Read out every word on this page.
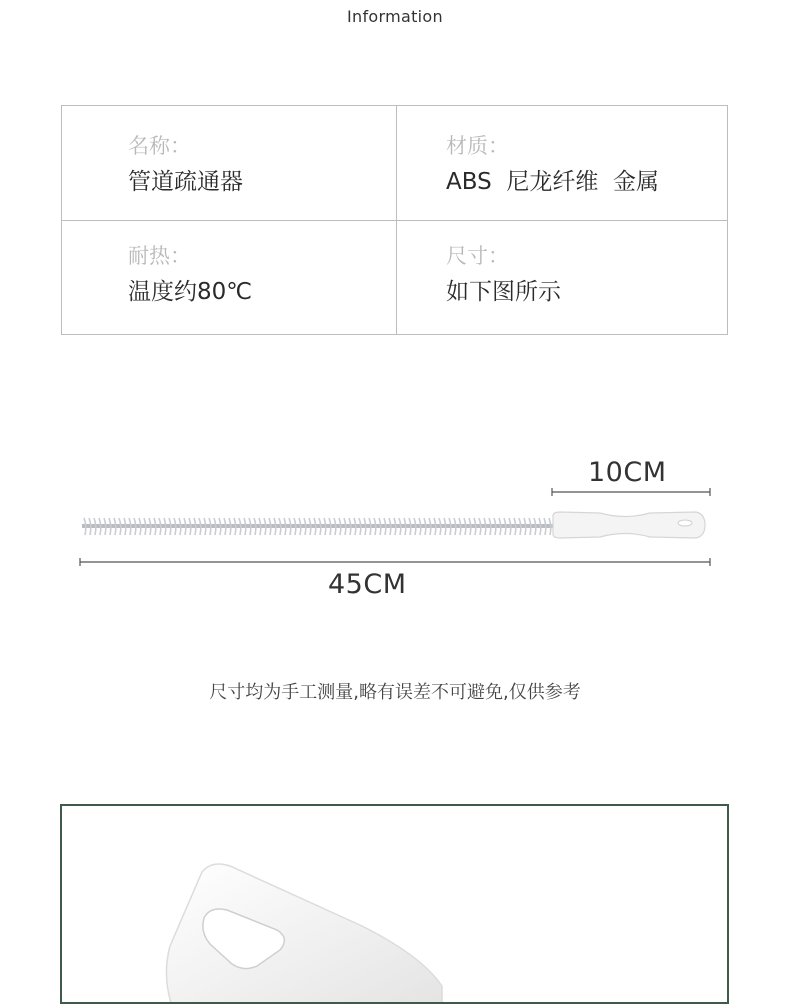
Information
名称：
管道疏通器
材质：
ABS  尼龙纤维  金属
耐热：
温度约80℃
尺寸：
如下图所示
10CM
45CM
尺寸均为手工测量,略有误差不可避免,仅供参考
